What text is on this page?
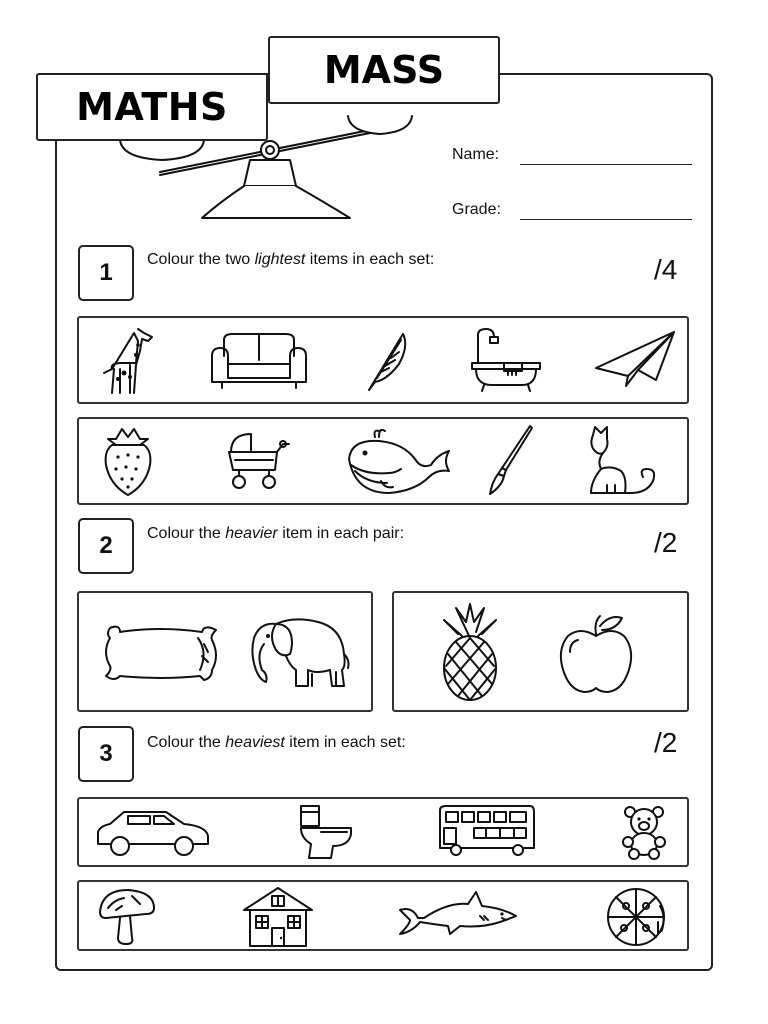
MATHS
MASS
Name:
Grade:
1	Colour the two lightest items in each set:	/4
2	Colour the heavier item in each pair:	/2
3	Colour the heaviest item in each set:	/2
